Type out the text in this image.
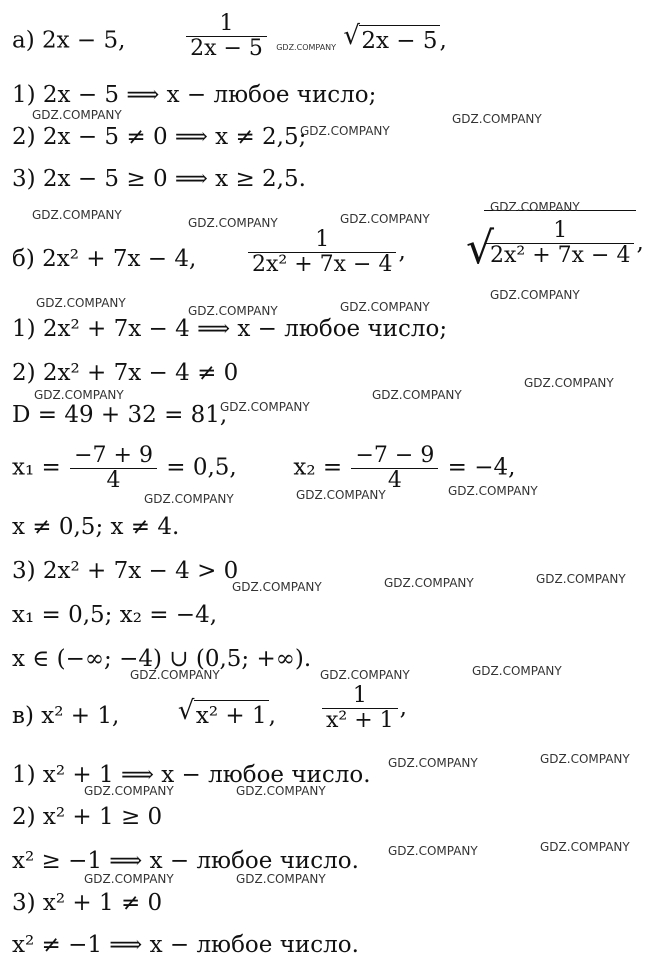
а) 2x − 5,	$\frac{1}{2x - 5}$ GDZ.COMPANY √ 2x − 5,
1) 2x − 5 ⟹ x − любое число;
2) 2x − 5 ≠ 0 ⟹ x ≠ 2,5;
3) 2x − 5 ≥ 0 ⟹ x ≥ 2,5.
б) 2x² + 7x − 4, $\frac{1}{\text{2x² + 7x − 4}}$ , √
$\frac{1}{\text{2x² + 7x − 4}}$ ,
1) 2x² + 7x − 4 ⟹ x − любое число;
2) 2x² + 7x − 4 ≠ 0
D = 49 + 32 = 81,
$x_1 = \frac{-7 + 9}{4} = 0,5$, $x_2 = \frac{-7 - 9}{4} = -4$,
x ≠ 0,5; x ≠ 4.
3) 2x² + 7x − 4 > 0
x₁ = 0,5; x₂ = −4,
x ∈ (−∞; −4) ∪ (0,5; +∞).
в) x² + 1, √ x² + 1, $\frac{1}{\text{x² + 1}}$ ,
1) x² + 1 ⟹ x − любое число.
2) x² + 1 ≥ 0
x² ≥ −1 ⟹ x − любое число.
3) x² + 1 ≠ 0
x² ≠ −1 ⟹ x − любое число.
GDZ.COMPANY
GDZ.COMPANY
GDZ.COMPANY
GDZ.COMPANY
GDZ.COMPANY	GDZ.COMPANY
GDZ.COMPANY
GDZ.COMPANY
GDZ.COMPANY
GDZ.COMPANY	GDZ.COMPANY
GDZ.COMPANY
GDZ.COMPANY
GDZ.COMPANY
GDZ.COMPANY
GDZ.COMPANY	GDZ.COMPANY	GDZ.COMPANY
GDZ.COMPANY	GDZ.COMPANY	GDZ.COMPANY
GDZ.COMPANY	GDZ.COMPANY	GDZ.COMPANY
GDZ.COMPANY	GDZ.COMPANY
GDZ.COMPANY	GDZ.COMPANY
GDZ.COMPANY	GDZ.COMPANY
GDZ.COMPANY	GDZ.COMPANY
